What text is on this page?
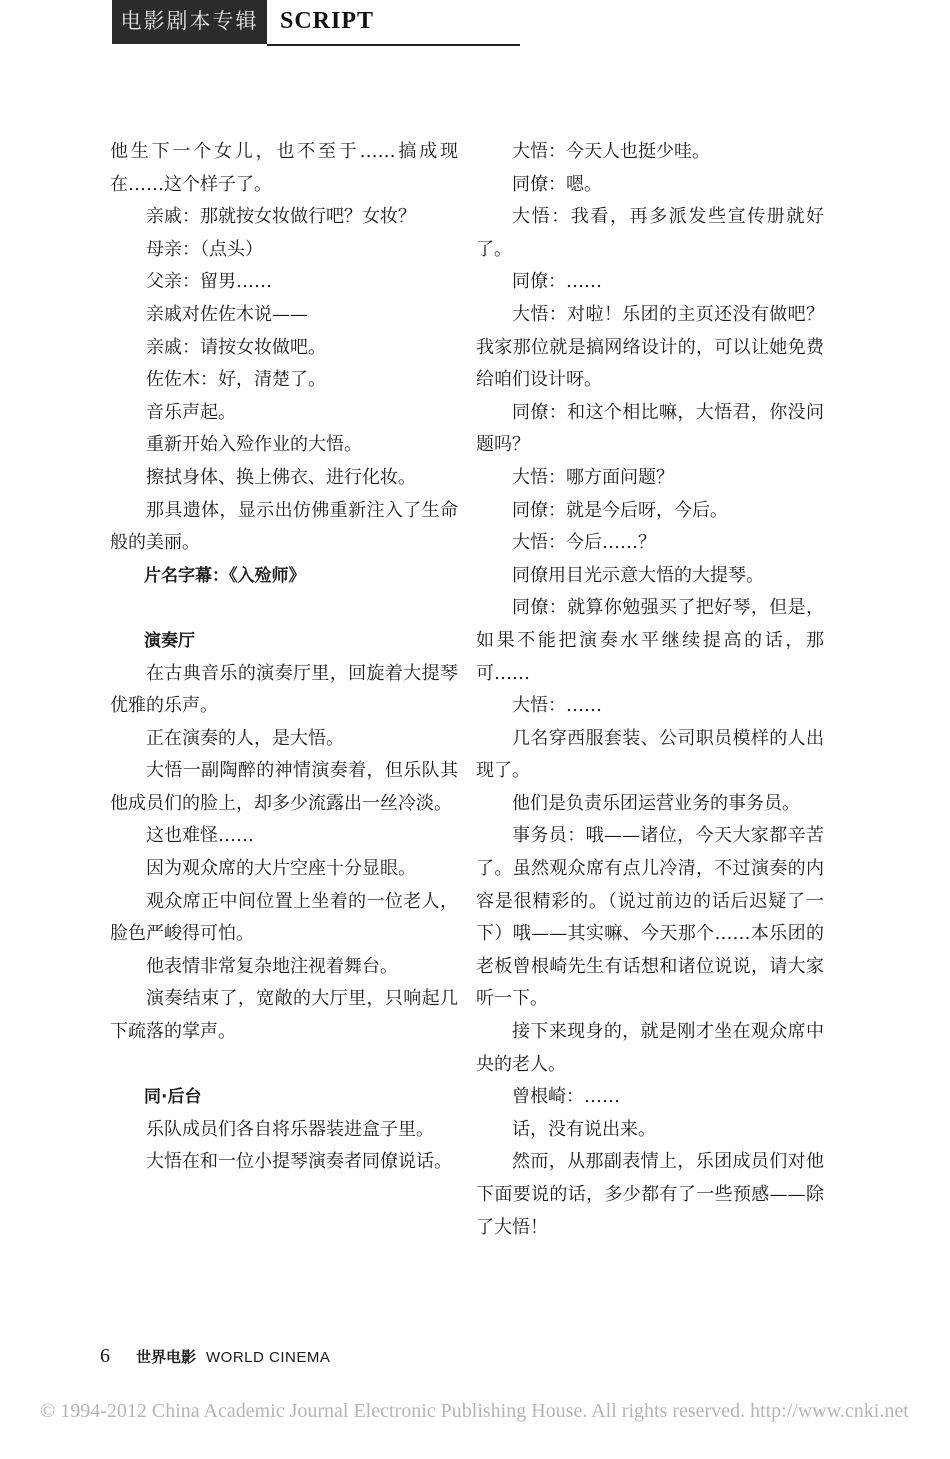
电影剧本专辑 SCRIPT
他生下一个女儿，也不至于……搞成现在……这个样子了。
亲戚：那就按女妆做行吧？女妆？
母亲：（点头）
父亲：留男……
亲戚对佐佐木说——
亲戚：请按女妆做吧。
佐佐木：好，清楚了。
音乐声起。
重新开始入殓作业的大悟。
擦拭身体、换上佛衣、进行化妆。
那具遗体，显示出仿佛重新注入了生命般的美丽。
片名字幕：《入殓师》
演奏厅
在古典音乐的演奏厅里，回旋着大提琴优雅的乐声。
正在演奏的人，是大悟。
大悟一副陶醉的神情演奏着，但乐队其他成员们的脸上，却多少流露出一丝冷淡。
这也难怪……
因为观众席的大片空座十分显眼。
观众席正中间位置上坐着的一位老人，脸色严峻得可怕。
他表情非常复杂地注视着舞台。
演奏结束了，宽敞的大厅里，只响起几下疏落的掌声。
同·后台
乐队成员们各自将乐器装进盒子里。
大悟在和一位小提琴演奏者同僚说话。
大悟：今天人也挺少哇。
同僚：嗯。
大悟：我看，再多派发些宣传册就好了。
同僚：……
大悟：对啦！乐团的主页还没有做吧？我家那位就是搞网络设计的，可以让她免费给咱们设计呀。
同僚：和这个相比嘛，大悟君，你没问题吗？
大悟：哪方面问题？
同僚：就是今后呀，今后。
大悟：今后……？
同僚用目光示意大悟的大提琴。
同僚：就算你勉强买了把好琴，但是，如果不能把演奏水平继续提高的话，那可……
大悟：……
几名穿西服套装、公司职员模样的人出现了。
他们是负责乐团运营业务的事务员。
事务员：哦——诸位，今天大家都辛苦了。虽然观众席有点儿冷清，不过演奏的内容是很精彩的。（说过前边的话后迟疑了一下）哦——其实嘛、今天那个……本乐团的老板曾根崎先生有话想和诸位说说，请大家听一下。
接下来现身的，就是刚才坐在观众席中央的老人。
曾根崎：……
话，没有说出来。
然而，从那副表情上，乐团成员们对他下面要说的话，多少都有了一些预感——除了大悟！
6 世界电影 WORLD CINEMA
© 1994-2012 China Academic Journal Electronic Publishing House. All rights reserved. http://www.cnki.net
